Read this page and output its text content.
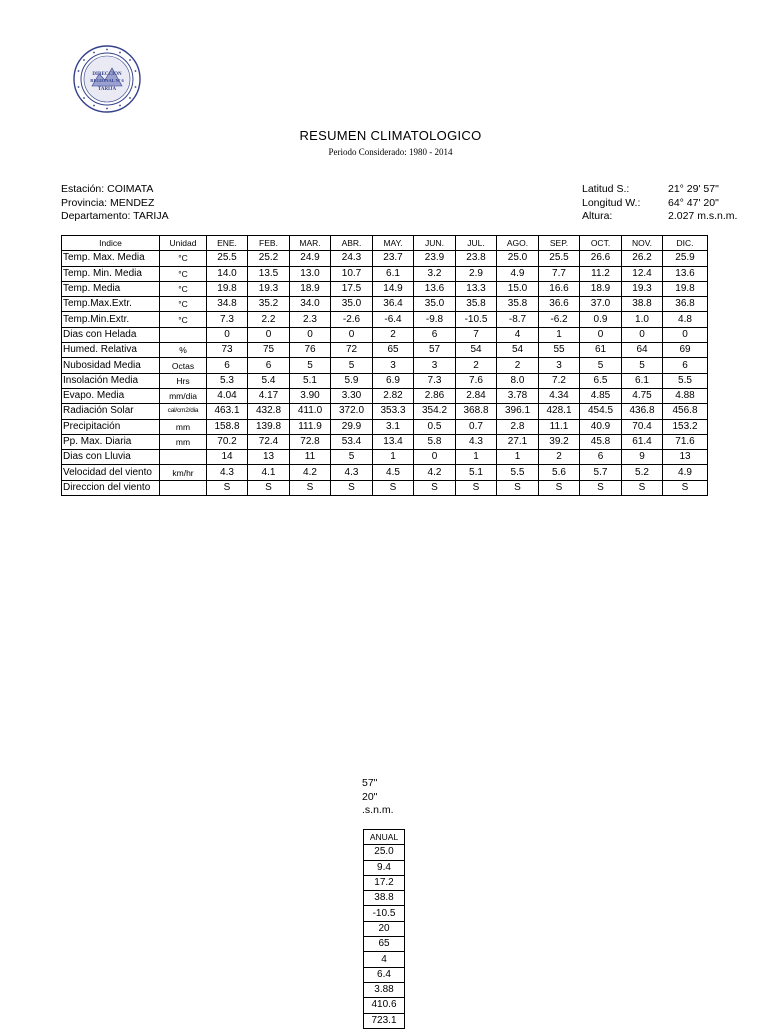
DIRECCION
REGIONAL Nº 6
TARIJA
RESUMEN CLIMATOLOGICO
Periodo Considerado: 1980 - 2014
Estación: COIMATA
Provincia: MENDEZ
Departamento: TARIJA
Latitud S.:
Longitud W.:
Altura:
21° 29' 57"
64° 47' 20"
2.027 m.s.n.m.
Indice	Unidad	ENE.	FEB.	MAR.	ABR.	MAY.	JUN.	JUL.	AGO.	SEP.	OCT.	NOV.	DIC.
Temp. Max. Media	°C	25.5	25.2	24.9	24.3	23.7	23.9	23.8	25.0	25.5	26.6	26.2	25.9
Temp. Min. Media	°C	14.0	13.5	13.0	10.7	6.1	3.2	2.9	4.9	7.7	11.2	12.4	13.6
Temp. Media	°C	19.8	19.3	18.9	17.5	14.9	13.6	13.3	15.0	16.6	18.9	19.3	19.8
Temp.Max.Extr.	°C	34.8	35.2	34.0	35.0	36.4	35.0	35.8	35.8	36.6	37.0	38.8	36.8
Temp.Min.Extr.	°C	7.3	2.2	2.3	-2.6	-6.4	-9.8	-10.5	-8.7	-6.2	0.9	1.0	4.8
Dias con Helada		0	0	0	0	2	6	7	4	1	0	0	0
Humed. Relativa	%	73	75	76	72	65	57	54	54	55	61	64	69
Nubosidad Media	Octas	6	6	5	5	3	3	2	2	3	5	5	6
Insolación Media	Hrs	5.3	5.4	5.1	5.9	6.9	7.3	7.6	8.0	7.2	6.5	6.1	5.5
Evapo. Media	mm/dia	4.04	4.17	3.90	3.30	2.82	2.86	2.84	3.78	4.34	4.85	4.75	4.88
Radiación Solar	cal/cm2/dia	463.1	432.8	411.0	372.0	353.3	354.2	368.8	396.1	428.1	454.5	436.8	456.8
Precipitación	mm	158.8	139.8	111.9	29.9	3.1	0.5	0.7	2.8	11.1	40.9	70.4	153.2
Pp. Max. Diaria	mm	70.2	72.4	72.8	53.4	13.4	5.8	4.3	27.1	39.2	45.8	61.4	71.6
Dias con Lluvia		14	13	11	5	1	0	1	1	2	6	9	13
Velocidad del viento	km/hr	4.3	4.1	4.2	4.3	4.5	4.2	5.1	5.5	5.6	5.7	5.2	4.9
Direccion del viento		S	S	S	S	S	S	S	S	S	S	S	S
57"
20"
.s.n.m.
ANUAL
25.0
9.4
17.2
38.8
-10.5
20
65
4
6.4
3.88
410.6
723.1
